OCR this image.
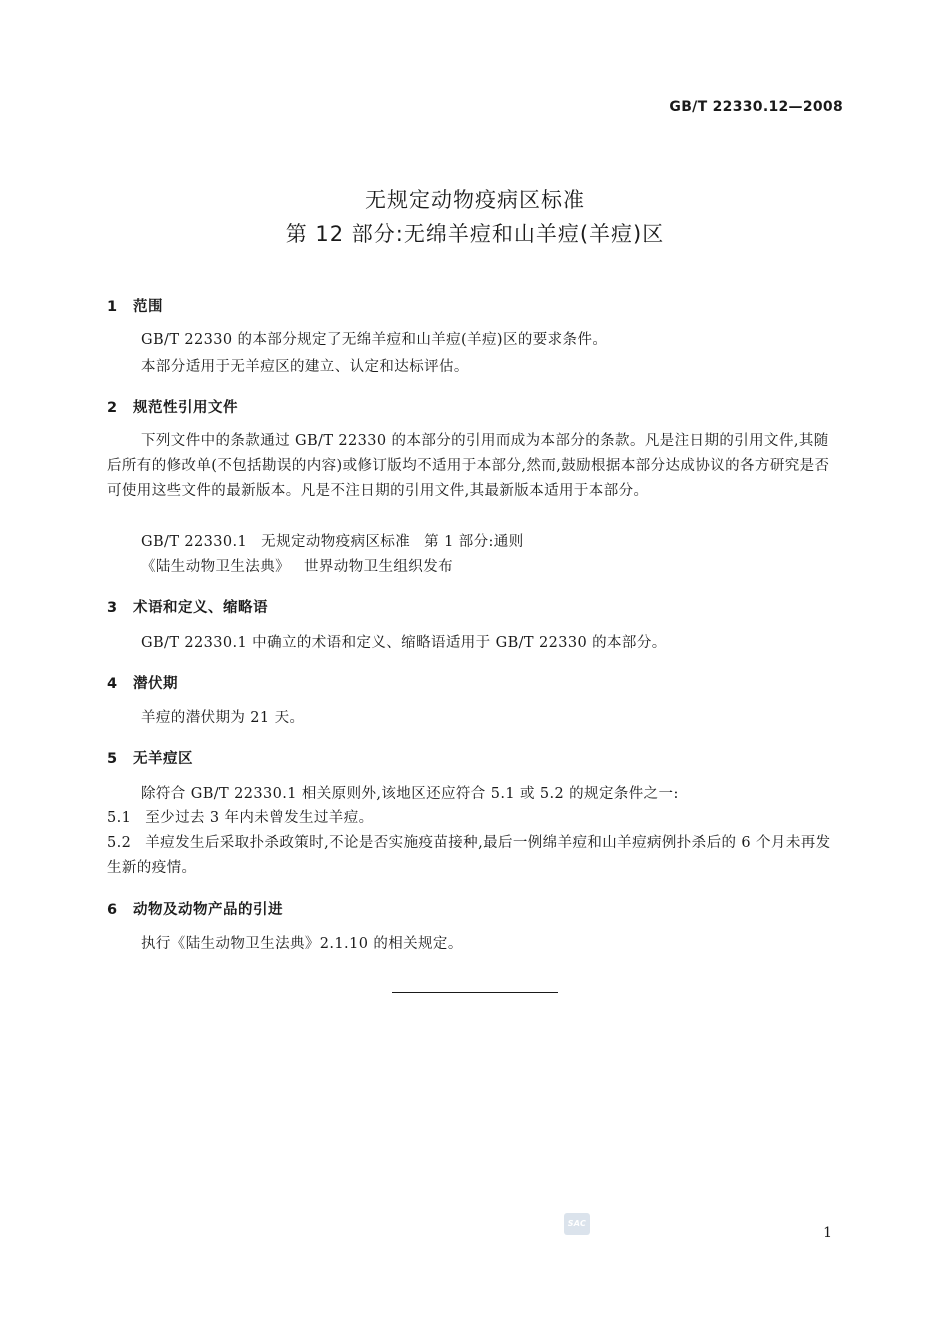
GB/T 22330.12—2008
无规定动物疫病区标准
第 12 部分:无绵羊痘和山羊痘(羊痘)区
1 范围
GB/T 22330 的本部分规定了无绵羊痘和山羊痘(羊痘)区的要求条件。
本部分适用于无羊痘区的建立、认定和达标评估。
2 规范性引用文件
下列文件中的条款通过 GB/T 22330 的本部分的引用而成为本部分的条款。凡是注日期的引用文件,其随后所有的修改单(不包括勘误的内容)或修订版均不适用于本部分,然而,鼓励根据本部分达成协议的各方研究是否可使用这些文件的最新版本。凡是不注日期的引用文件,其最新版本适用于本部分。
GB/T 22330.1 无规定动物疫病区标准 第 1 部分:通则
《陆生动物卫生法典》 世界动物卫生组织发布
3 术语和定义、缩略语
GB/T 22330.1 中确立的术语和定义、缩略语适用于 GB/T 22330 的本部分。
4 潜伏期
羊痘的潜伏期为 21 天。
5 无羊痘区
除符合 GB/T 22330.1 相关原则外,该地区还应符合 5.1 或 5.2 的规定条件之一:
5.1 至少过去 3 年内未曾发生过羊痘。
5.2 羊痘发生后采取扑杀政策时,不论是否实施疫苗接种,最后一例绵羊痘和山羊痘病例扑杀后的 6 个月未再发生新的疫情。
6 动物及动物产品的引进
执行《陆生动物卫生法典》2.1.10 的相关规定。
SAC
1
